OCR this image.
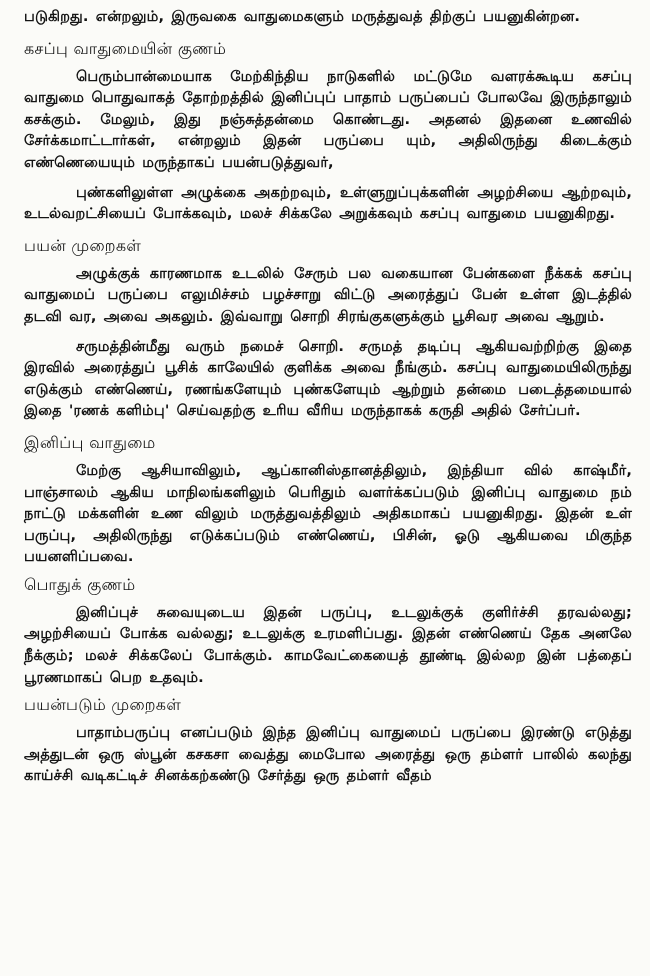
படுகிறது. என்றலும், இருவகை வாதுமைகளும் மருத்துவத் திற்குப் பயனுகின்றன.

கசப்பு வாதுமையின் குணம்

பெரும்பான்மையாக மேற்கிந்திய நாடுகளில் மட்டுமே வளரக்கூடிய கசப்பு வாதுமை பொதுவாகத் தோற்றத்தில் இனிப்புப் பாதாம் பருப்பைப் போலவே இருந்தாலும் கசக்கும். மேலும், இது நஞ்சுத்தன்மை கொண்டது. அதனல் இதனை உணவில் சேர்க்கமாட்டார்கள், என்றலும் இதன் பருப்பை யும், அதிலிருந்து கிடைக்கும் எண்ணெயையும் மருந்தாகப் பயன்படுத்துவர்,

புண்களிலுள்ள அழுக்கை அகற்றவும், உள்ளுறுப்புக்களின் அழற்சியை ஆற்றவும், உடல்வறட்சியைப் போக்கவும், மலச் சிக்கலே அறுக்கவும் கசப்பு வாதுமை பயனுகிறது.

பயன் முறைகள்

அழுக்குக் காரணமாக உடலில் சேரும் பல வகையான பேன்களை நீக்கக் கசப்பு வாதுமைப் பருப்பை எலுமிச்சம் பழச்சாறு விட்டு அரைத்துப் பேன் உள்ள இடத்தில் தடவி வர, அவை அகலும். இவ்வாறு சொறி சிரங்குகளுக்கும் பூசிவர அவை ஆறும்.

சருமத்தின்மீது வரும் நமைச் சொறி. சருமத் தடிப்பு ஆகியவற்றிற்கு இதை இரவில் அரைத்துப் பூசிக் காலேயில் குளிக்க அவை நீங்கும். கசப்பு வாதுமையிலிருந்து எடுக்கும் எண்ணெய், ரணங்களேயும் புண்களேயும் ஆற்றும் தன்மை படைத்தமையால் இதை 'ரணக் களிம்பு' செய்வதற்கு உரிய வீரிய மருந்தாகக் கருதி அதில் சேர்ப்பர்.

இனிப்பு வாதுமை

மேற்கு ஆசியாவிலும், ஆப்கானிஸ்தானத்திலும், இந்தியா வில் காஷ்மீர், பாஞ்சாலம் ஆகிய மாநிலங்களிலும் பெரிதும் வளர்க்கப்படும் இனிப்பு வாதுமை நம் நாட்டு மக்களின் உண விலும் மருத்துவத்திலும் அதிகமாகப் பயனுகிறது. இதன் உள் பருப்பு, அதிலிருந்து எடுக்கப்படும் எண்ணெய், பிசின், ஓடு ஆகியவை மிகுந்த பயனளிப்பவை.

பொதுக் குணம்

இனிப்புச் சுவையுடைய இதன் பருப்பு, உடலுக்குக் குளிர்ச்சி தரவல்லது; அழற்சியைப் போக்க வல்லது; உடலுக்கு உரமளிப்பது. இதன் எண்ணெய் தேக அனலே நீக்கும்; மலச் சிக்கலேப் போக்கும். காமவேட்கையைத் தூண்டி இல்லற இன் பத்தைப் பூரணமாகப் பெற உதவும்.

பயன்படும் முறைகள்

பாதாம்பருப்பு எனப்படும் இந்த இனிப்பு வாதுமைப் பருப்பை இரண்டு எடுத்து அத்துடன் ஒரு ஸ்பூன் கசகசா வைத்து மைபோல அரைத்து ஒரு தம்ளர் பாலில் கலந்து காய்ச்சி வடிகட்டிச் சினக்கற்கண்டு சேர்த்து ஒரு தம்ளர் வீதம்
